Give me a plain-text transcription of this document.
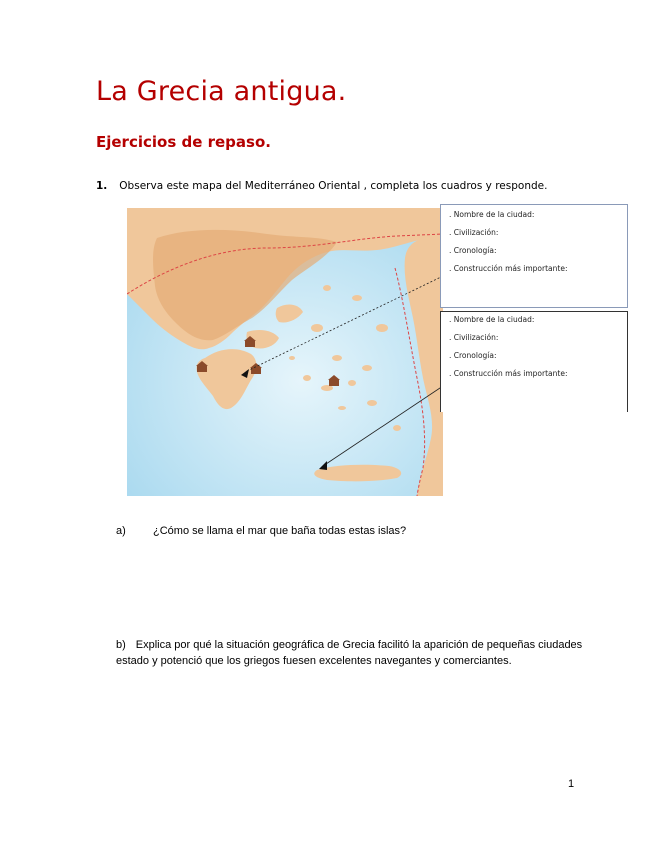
La Grecia antigua.
Ejercicios de repaso.
1. Observa este mapa del Mediterráneo Oriental , completa los cuadros y responde.
. Nombre de la ciudad:
. Civilización:
. Cronología:
. Construcción más importante:
. Nombre de la ciudad:
. Civilización:
. Cronología:
. Construcción más importante:
a) ¿Cómo se llama el mar que baña todas estas islas?
b) Explica por qué la situación geográfica de Grecia facilitó la aparición de pequeñas ciudades estado y potenció que los griegos fuesen excelentes navegantes y comerciantes.
1
